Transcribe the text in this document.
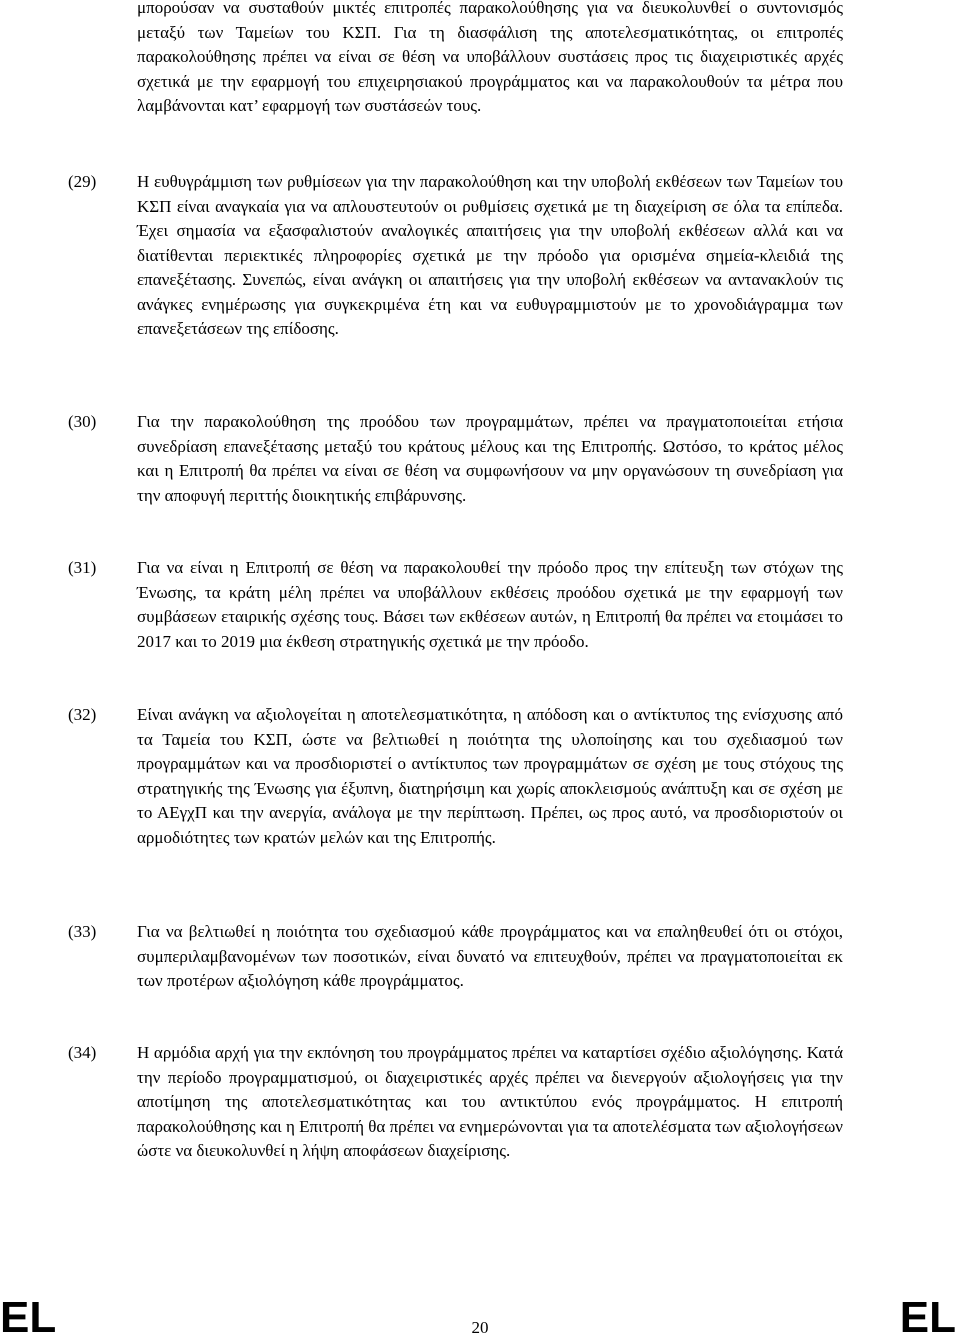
μπορούσαν να συσταθούν μικτές επιτροπές παρακολούθησης για να διευκολυνθεί ο συντονισμός μεταξύ των Ταμείων του ΚΣΠ. Για τη διασφάλιση της αποτελεσματικότητας, οι επιτροπές παρακολούθησης πρέπει να είναι σε θέση να υποβάλλουν συστάσεις προς τις διαχειριστικές αρχές σχετικά με την εφαρμογή του επιχειρησιακού προγράμματος και να παρακολουθούν τα μέτρα που λαμβάνονται κατ’ εφαρμογή των συστάσεών τους.

(29) Η ευθυγράμμιση των ρυθμίσεων για την παρακολούθηση και την υποβολή εκθέσεων των Ταμείων του ΚΣΠ είναι αναγκαία για να απλουστευτούν οι ρυθμίσεις σχετικά με τη διαχείριση σε όλα τα επίπεδα. Έχει σημασία να εξασφαλιστούν αναλογικές απαιτήσεις για την υποβολή εκθέσεων αλλά και να διατίθενται περιεκτικές πληροφορίες σχετικά με την πρόοδο για ορισμένα σημεία-κλειδιά της επανεξέτασης. Συνεπώς, είναι ανάγκη οι απαιτήσεις για την υποβολή εκθέσεων να αντανακλούν τις ανάγκες ενημέρωσης για συγκεκριμένα έτη και να ευθυγραμμιστούν με το χρονοδιάγραμμα των επανεξετάσεων της επίδοσης.

(30) Για την παρακολούθηση της προόδου των προγραμμάτων, πρέπει να πραγματοποιείται ετήσια συνεδρίαση επανεξέτασης μεταξύ του κράτους μέλους και της Επιτροπής. Ωστόσο, το κράτος μέλος και η Επιτροπή θα πρέπει να είναι σε θέση να συμφωνήσουν να μην οργανώσουν τη συνεδρίαση για την αποφυγή περιττής διοικητικής επιβάρυνσης.

(31) Για να είναι η Επιτροπή σε θέση να παρακολουθεί την πρόοδο προς την επίτευξη των στόχων της Ένωσης, τα κράτη μέλη πρέπει να υποβάλλουν εκθέσεις προόδου σχετικά με την εφαρμογή των συμβάσεων εταιρικής σχέσης τους. Βάσει των εκθέσεων αυτών, η Επιτροπή θα πρέπει να ετοιμάσει το 2017 και το 2019 μια έκθεση στρατηγικής σχετικά με την πρόοδο.

(32) Είναι ανάγκη να αξιολογείται η αποτελεσματικότητα, η απόδοση και ο αντίκτυπος της ενίσχυσης από τα Ταμεία του ΚΣΠ, ώστε να βελτιωθεί η ποιότητα της υλοποίησης και του σχεδιασμού των προγραμμάτων και να προσδιοριστεί ο αντίκτυπος των προγραμμάτων σε σχέση με τους στόχους της στρατηγικής της Ένωσης για έξυπνη, διατηρήσιμη και χωρίς αποκλεισμούς ανάπτυξη και σε σχέση με το ΑΕγχΠ και την ανεργία, ανάλογα με την περίπτωση. Πρέπει, ως προς αυτό, να προσδιοριστούν οι αρμοδιότητες των κρατών μελών και της Επιτροπής.

(33) Για να βελτιωθεί η ποιότητα του σχεδιασμού κάθε προγράμματος και να επαληθευθεί ότι οι στόχοι, συμπεριλαμβανομένων των ποσοτικών, είναι δυνατό να επιτευχθούν, πρέπει να πραγματοποιείται εκ των προτέρων αξιολόγηση κάθε προγράμματος.

(34) Η αρμόδια αρχή για την εκπόνηση του προγράμματος πρέπει να καταρτίσει σχέδιο αξιολόγησης. Κατά την περίοδο προγραμματισμού, οι διαχειριστικές αρχές πρέπει να διενεργούν αξιολογήσεις για την αποτίμηση της αποτελεσματικότητας και του αντικτύπου ενός προγράμματος. Η επιτροπή παρακολούθησης και η Επιτροπή θα πρέπει να ενημερώνονται για τα αποτελέσματα των αξιολογήσεων ώστε να διευκολυνθεί η λήψη αποφάσεων διαχείρισης.

EL	20	EL
